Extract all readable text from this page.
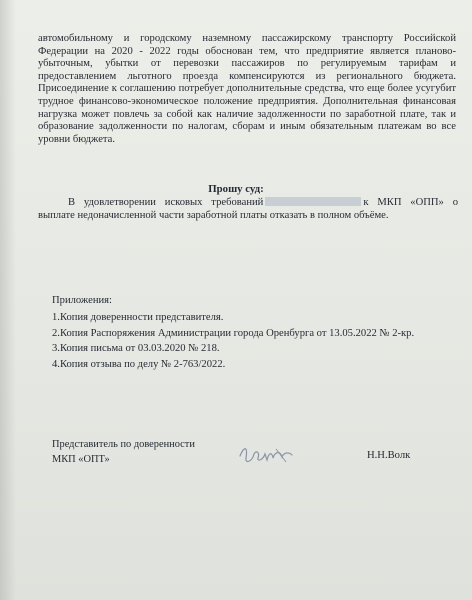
автомобильному и городскому наземному пассажирскому транспорту Российской Федерации на 2020 - 2022 годы обоснован тем, что предприятие является планово-убыточным, убытки от перевозки пассажиров по регулируемым тарифам и предоставлением льготного проезда компенсируются из регионального бюджета. Присоединение к соглашению потребует дополнительные средства, что еще более усугубит трудное финансово-экономическое положение предприятия. Дополнительная финансовая нагрузка может повлечь за собой как наличие задолженности по заработной плате, так и образование задолженности по налогам, сборам и иным обязательным платежам во все уровни бюджета.

Прошу суд:
В удовлетворении исковых требований	к МКП «ОПП» о выплате недоначисленной части заработной платы отказать в полном объёме.
Приложения:
1.Копия доверенности представителя.
2.Копия Распоряжения Администрации города Оренбурга от 13.05.2022 № 2-кр.
3.Копия письма от 03.03.2020 № 218.
4.Копия отзыва по делу № 2-763/2022.
Представитель по доверенности
МКП «ОПТ»	Н.Н.Волк
